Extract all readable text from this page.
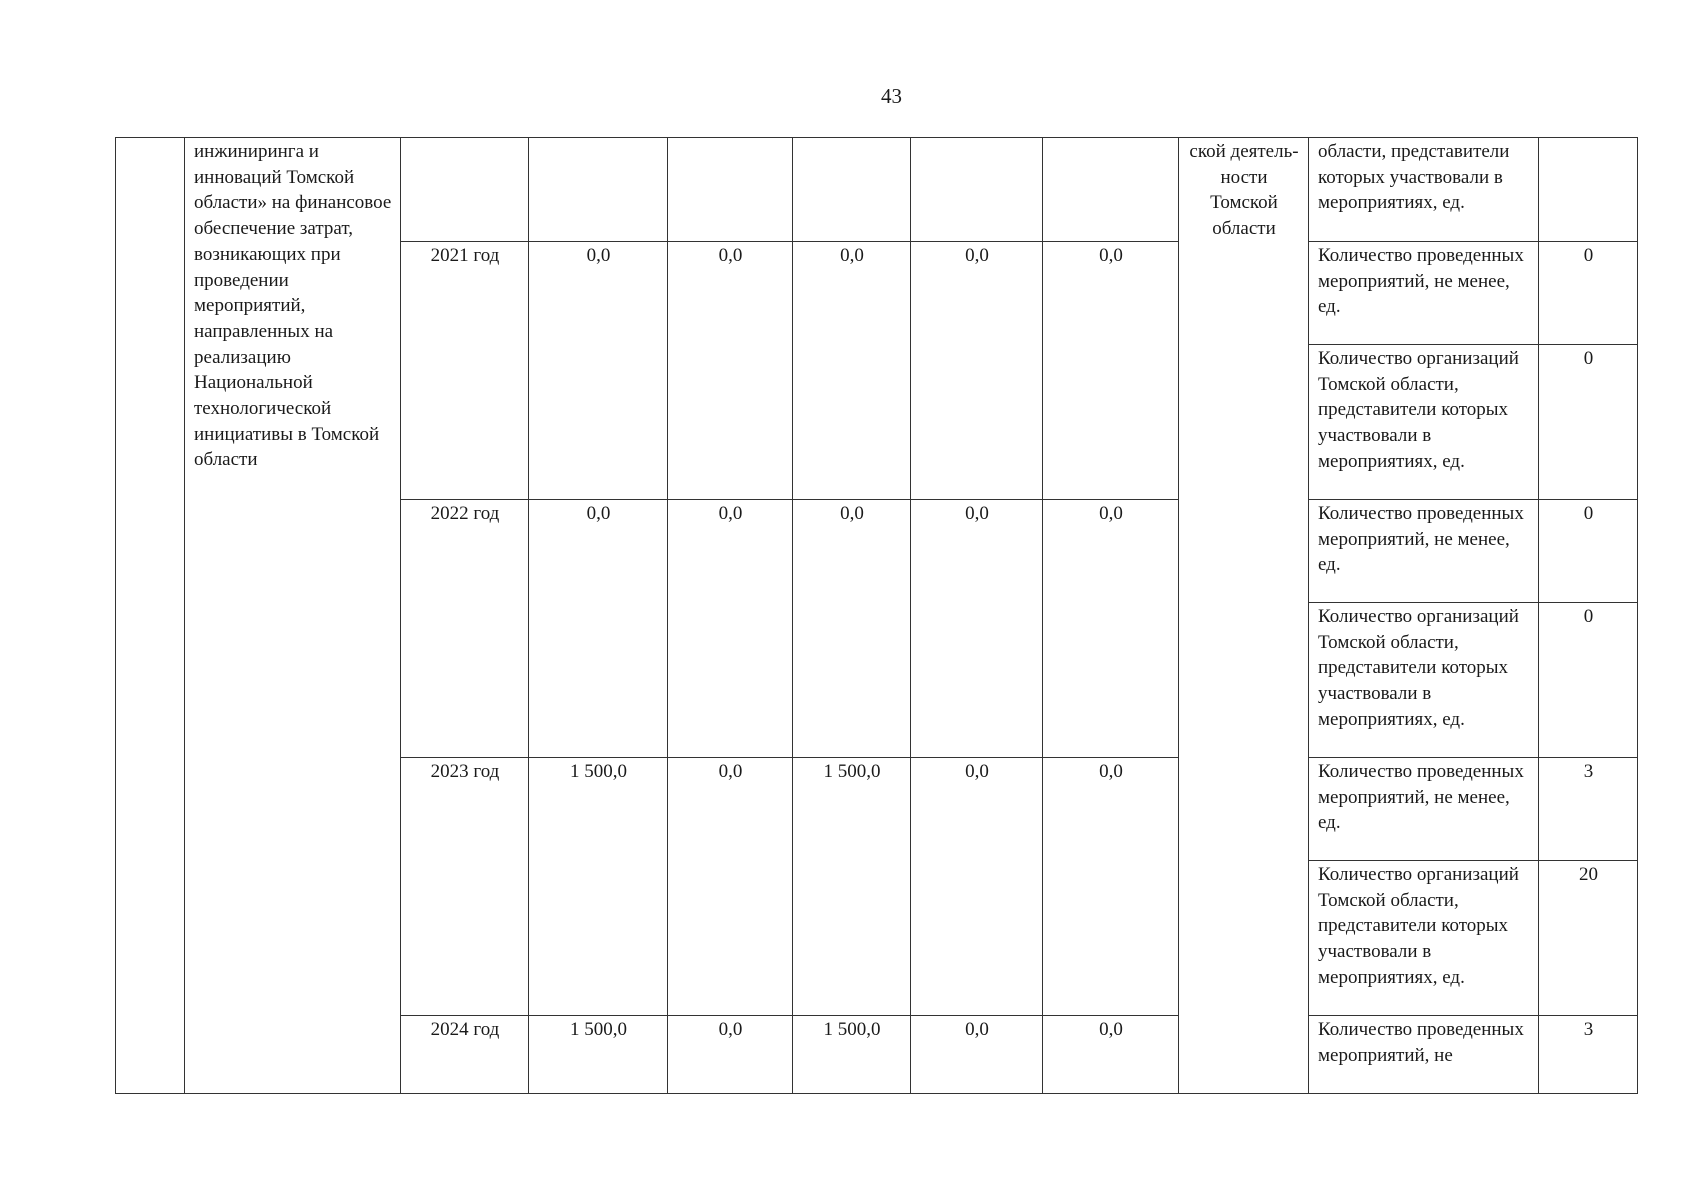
43
	инжиниринга и инноваций Томской области» на финансовое обеспечение затрат, возникающих при проведении мероприятий, направленных на реализацию Национальной технологической инициативы в Томской области							ской деятель-ности Томской области	области, представители которых участвовали в мероприятиях, ед.	
		2021 год	0,0	0,0	0,0	0,0	0,0		Количество проведенных мероприятий, не менее, ед.	0
									Количество организаций Томской области, представители которых участвовали в мероприятиях, ед.	0
		2022 год	0,0	0,0	0,0	0,0	0,0		Количество проведенных мероприятий, не менее, ед.	0
									Количество организаций Томской области, представители которых участвовали в мероприятиях, ед.	0
		2023 год	1 500,0	0,0	1 500,0	0,0	0,0		Количество проведенных мероприятий, не менее, ед.	3
									Количество организаций Томской области, представители которых участвовали в мероприятиях, ед.	20
		2024 год	1 500,0	0,0	1 500,0	0,0	0,0		Количество проведенных мероприятий, не	3
